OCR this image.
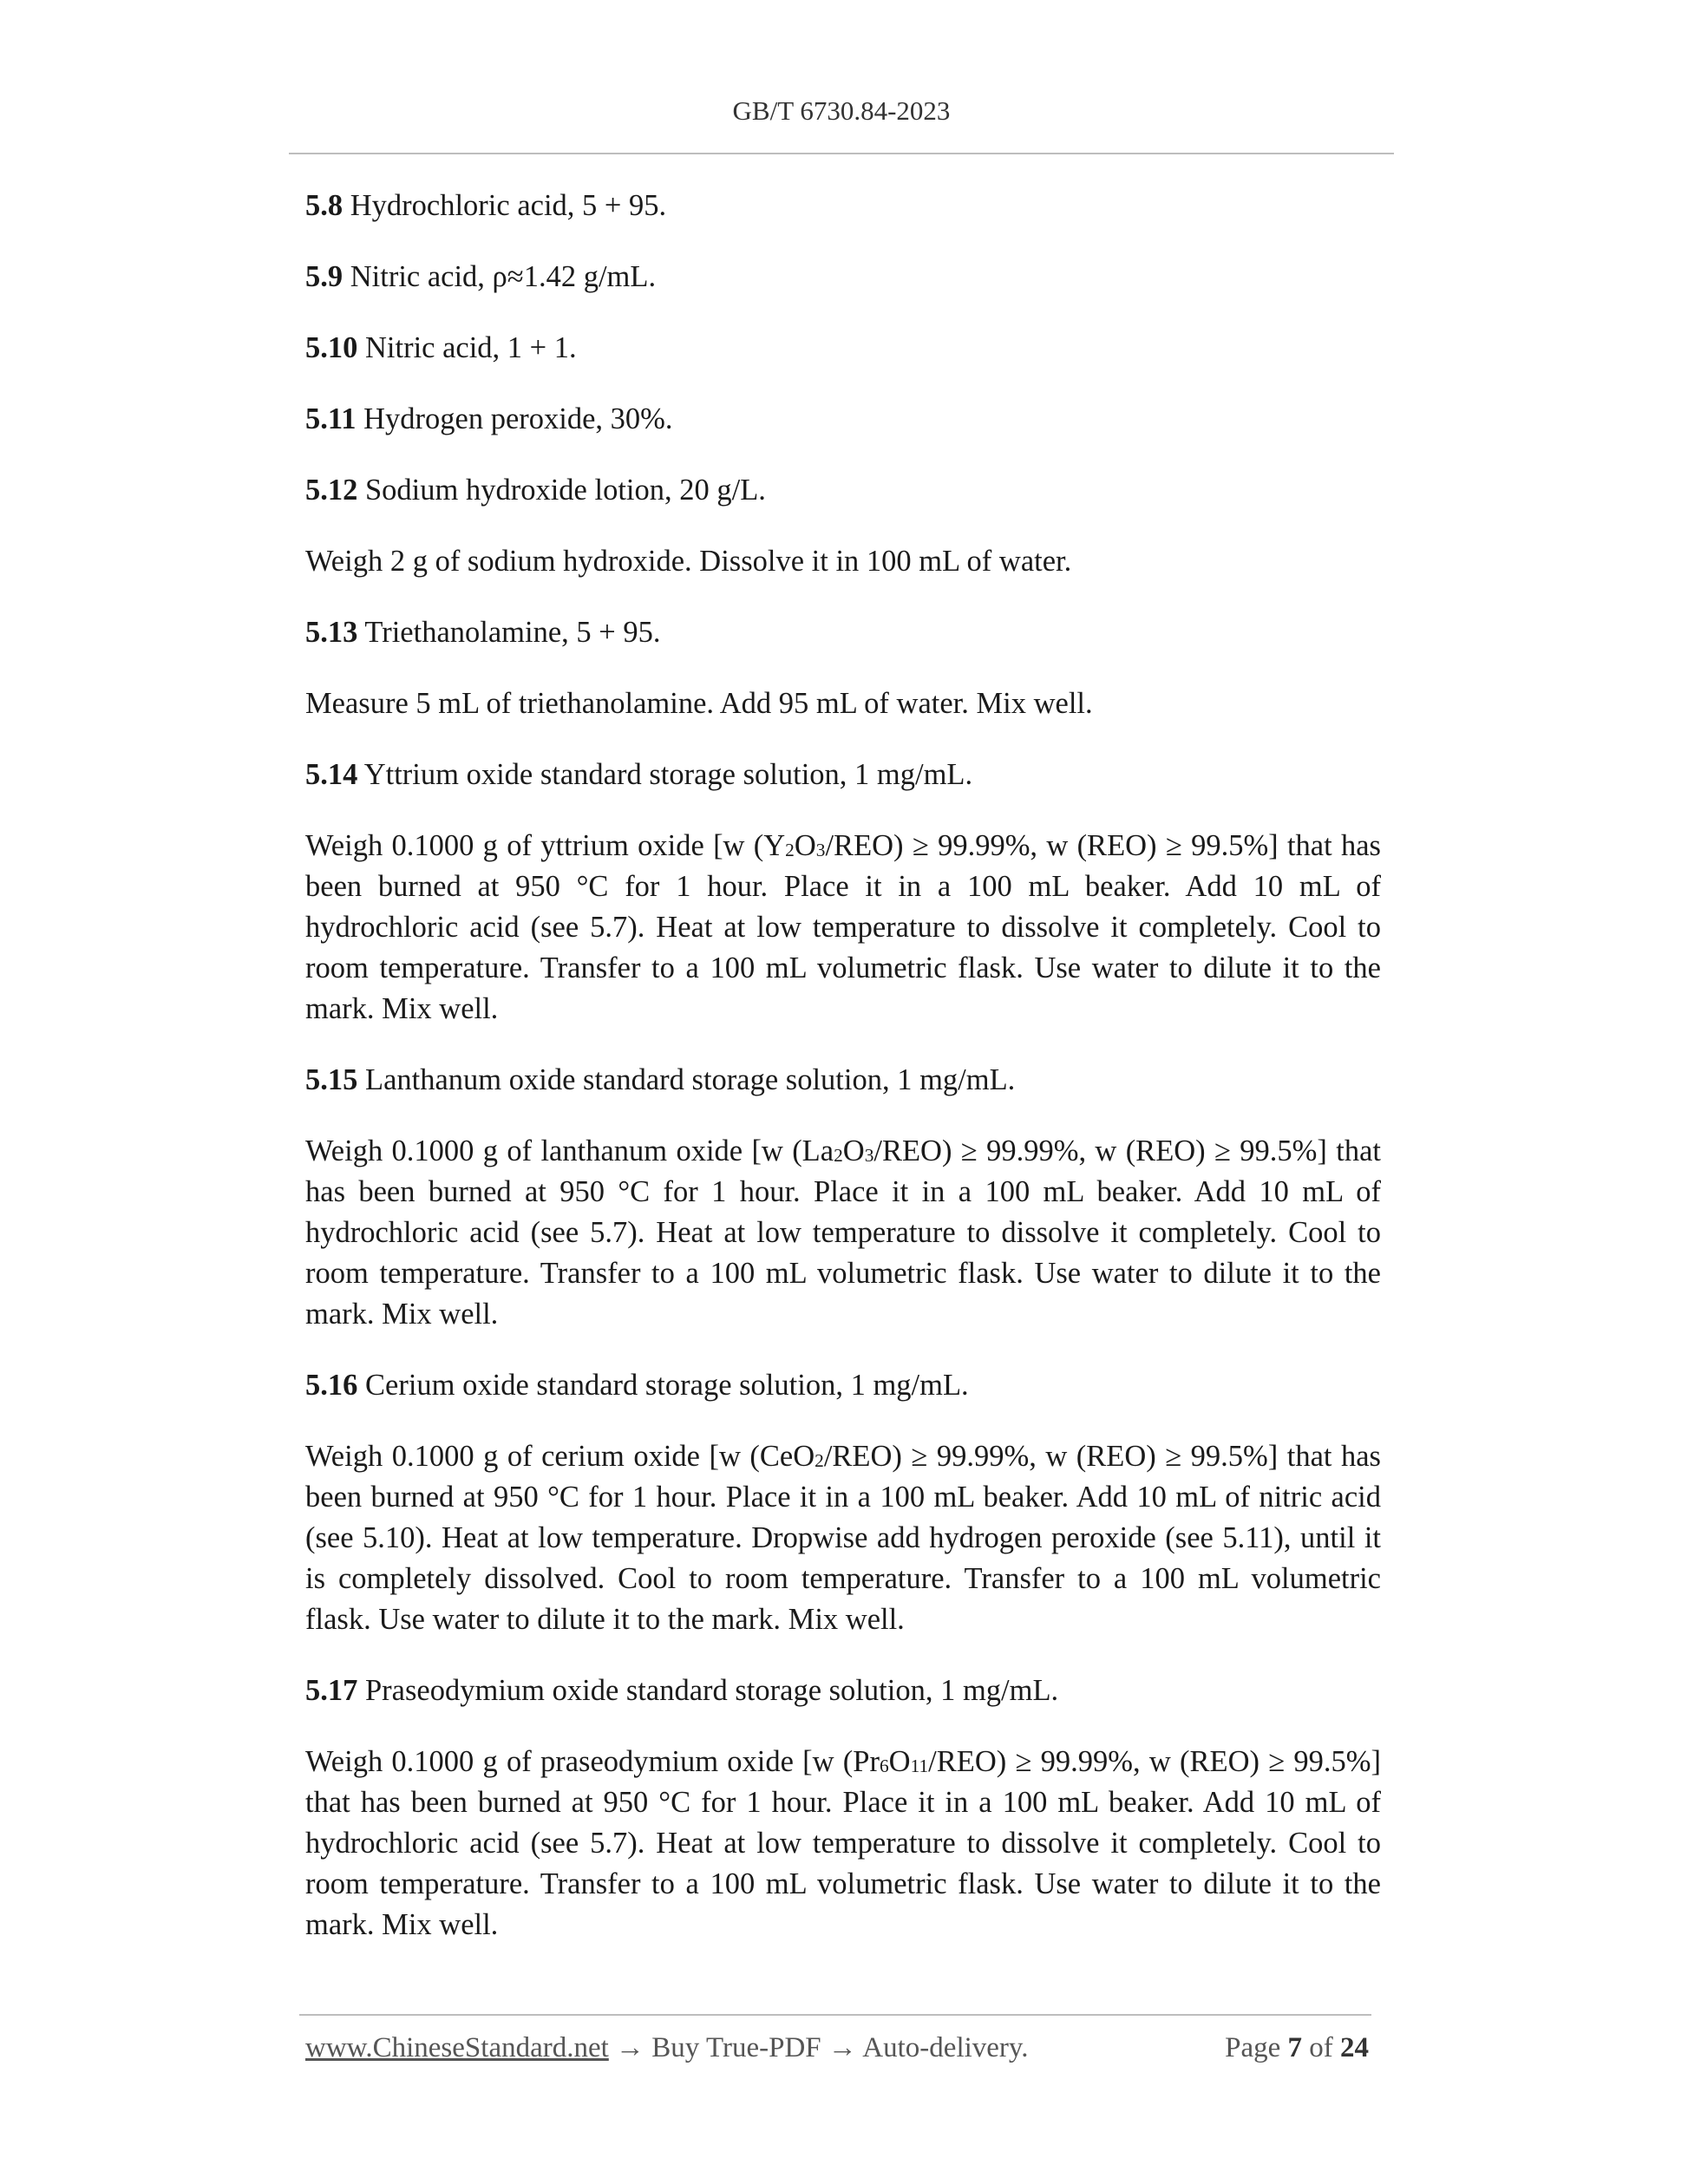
GB/T 6730.84-2023

5.8 Hydrochloric acid, 5 + 95.

5.9 Nitric acid, ρ≈1.42 g/mL.

5.10 Nitric acid, 1 + 1.

5.11 Hydrogen peroxide, 30%.

5.12 Sodium hydroxide lotion, 20 g/L.

Weigh 2 g of sodium hydroxide. Dissolve it in 100 mL of water.

5.13 Triethanolamine, 5 + 95.

Measure 5 mL of triethanolamine. Add 95 mL of water. Mix well.

5.14 Yttrium oxide standard storage solution, 1 mg/mL.

Weigh 0.1000 g of yttrium oxide [w $(Y_2O_3/REO) \ge 99.99\%$, w (REO) ≥ 99.5%] that has been burned at 950 °C for 1 hour. Place it in a 100 mL beaker. Add 10 mL of hydrochloric acid (see 5.7). Heat at low temperature to dissolve it completely. Cool to room temperature. Transfer to a 100 mL volumetric flask. Use water to dilute it to the mark. Mix well.

5.15 Lanthanum oxide standard storage solution, 1 mg/mL.

Weigh 0.1000 g of lanthanum oxide [w $(La_2O_3/REO) \ge 99.99\%$, w (REO) ≥ 99.5%] that has been burned at 950 °C for 1 hour. Place it in a 100 mL beaker. Add 10 mL of hydrochloric acid (see 5.7). Heat at low temperature to dissolve it completely. Cool to room temperature. Transfer to a 100 mL volumetric flask. Use water to dilute it to the mark. Mix well.

5.16 Cerium oxide standard storage solution, 1 mg/mL.

Weigh 0.1000 g of cerium oxide [w (CeO$_2$/REO) ≥ 99.99%, w (REO) ≥ 99.5%] that has been burned at 950 °C for 1 hour. Place it in a 100 mL beaker. Add 10 mL of nitric acid (see 5.10). Heat at low temperature. Dropwise add hydrogen peroxide (see 5.11), until it is completely dissolved. Cool to room temperature. Transfer to a 100 mL volumetric flask. Use water to dilute it to the mark. Mix well.

5.17 Praseodymium oxide standard storage solution, 1 mg/mL.

Weigh 0.1000 g of praseodymium oxide [w $(Pr_6O_{11}/REO) \ge 99.99\%$, w (REO) ≥ 99.5%] that has been burned at 950 °C for 1 hour. Place it in a 100 mL beaker. Add 10 mL of hydrochloric acid (see 5.7). Heat at low temperature to dissolve it completely. Cool to room temperature. Transfer to a 100 mL volumetric flask. Use water to dilute it to the mark. Mix well.

www.ChineseStandard.net → Buy True-PDF → Auto-delivery.	Page 7 of 24
